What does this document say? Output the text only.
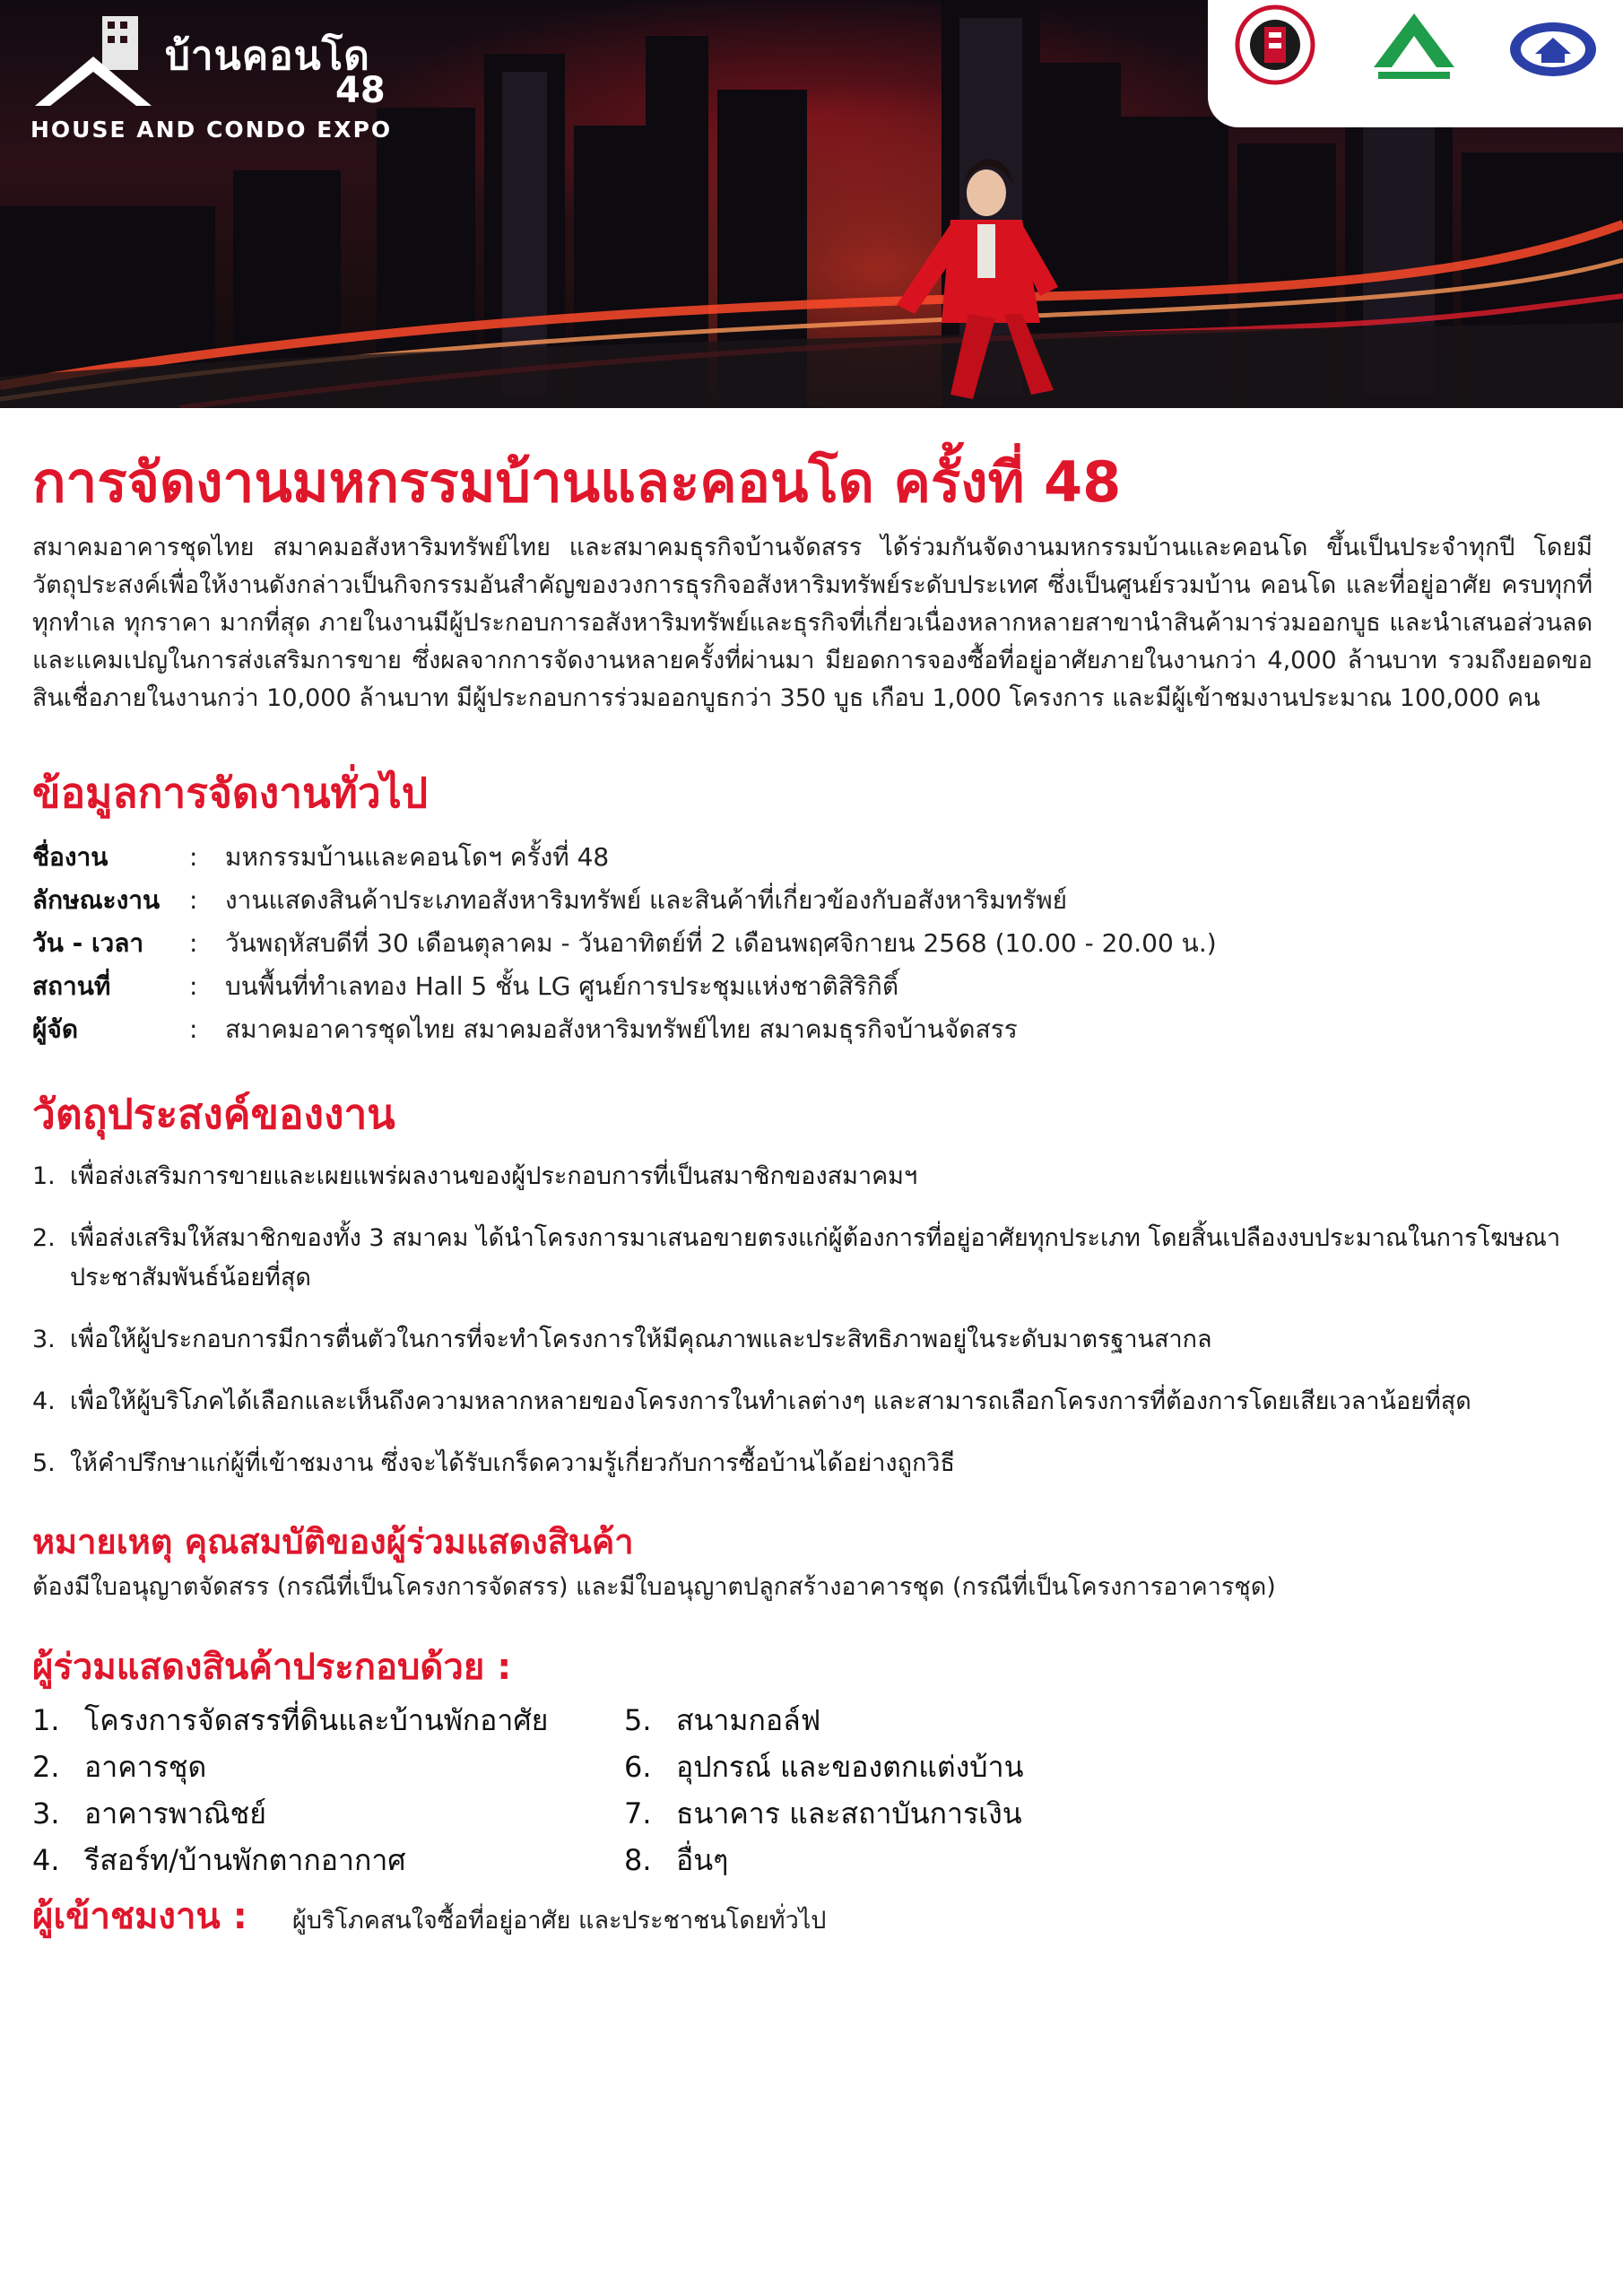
บ้านคอนโด
48
HOUSE AND CONDO EXPO
การจัดงานมหกรรมบ้านและคอนโด ครั้งที่ 48

สมาคมอาคารชุดไทย สมาคมอสังหาริมทรัพย์ไทย และสมาคมธุรกิจบ้านจัดสรร ได้ร่วมกันจัดงานมหกรรมบ้านและคอนโด ขึ้นเป็นประจำทุกปี โดยมีวัตถุประสงค์เพื่อให้งานดังกล่าวเป็นกิจกรรมอันสำคัญของวงการธุรกิจอสังหาริมทรัพย์ระดับประเทศ ซึ่งเป็นศูนย์รวมบ้าน คอนโด และที่อยู่อาศัย ครบทุกที่ ทุกทำเล ทุกราคา มากที่สุด ภายในงานมีผู้ประกอบการอสังหาริมทรัพย์และธุรกิจที่เกี่ยวเนื่องหลากหลายสาขานำสินค้ามาร่วมออกบูธ และนำเสนอส่วนลดและแคมเปญในการส่งเสริมการขาย ซึ่งผลจากการจัดงานหลายครั้งที่ผ่านมา มียอดการจองซื้อที่อยู่อาศัยภายในงานกว่า 4,000 ล้านบาท รวมถึงยอดขอสินเชื่อภายในงานกว่า 10,000 ล้านบาท มีผู้ประกอบการร่วมออกบูธกว่า 350 บูธ เกือบ 1,000 โครงการ และมีผู้เข้าชมงานประมาณ 100,000 คน

ข้อมูลการจัดงานทั่วไป
ชื่องาน	:	มหกรรมบ้านและคอนโดฯ ครั้งที่ 48
ลักษณะงาน	:	งานแสดงสินค้าประเภทอสังหาริมทรัพย์ และสินค้าที่เกี่ยวข้องกับอสังหาริมทรัพย์
วัน - เวลา	:	วันพฤหัสบดีที่ 30 เดือนตุลาคม - วันอาทิตย์ที่ 2 เดือนพฤศจิกายน 2568 (10.00 - 20.00 น.)
สถานที่	:	บนพื้นที่ทำเลทอง Hall 5 ชั้น LG ศูนย์การประชุมแห่งชาติสิริกิติ์
ผู้จัด	:	สมาคมอาคารชุดไทย สมาคมอสังหาริมทรัพย์ไทย สมาคมธุรกิจบ้านจัดสรร
วัตถุประสงค์ของงาน
1. เพื่อส่งเสริมการขายและเผยแพร่ผลงานของผู้ประกอบการที่เป็นสมาชิกของสมาคมฯ
2. เพื่อส่งเสริมให้สมาชิกของทั้ง 3 สมาคม ได้นำโครงการมาเสนอขายตรงแก่ผู้ต้องการที่อยู่อาศัยทุกประเภท โดยสิ้นเปลืองงบประมาณในการโฆษณาประชาสัมพันธ์น้อยที่สุด
3. เพื่อให้ผู้ประกอบการมีการตื่นตัวในการที่จะทำโครงการให้มีคุณภาพและประสิทธิภาพอยู่ในระดับมาตรฐานสากล
4. เพื่อให้ผู้บริโภคได้เลือกและเห็นถึงความหลากหลายของโครงการในทำเลต่างๆ และสามารถเลือกโครงการที่ต้องการโดยเสียเวลาน้อยที่สุด
5. ให้คำปรึกษาแก่ผู้ที่เข้าชมงาน ซึ่งจะได้รับเกร็ดความรู้เกี่ยวกับการซื้อบ้านได้อย่างถูกวิธี
หมายเหตุ คุณสมบัติของผู้ร่วมแสดงสินค้า
ต้องมีใบอนุญาตจัดสรร (กรณีที่เป็นโครงการจัดสรร) และมีใบอนุญาตปลูกสร้างอาคารชุด (กรณีที่เป็นโครงการอาคารชุด)
ผู้ร่วมแสดงสินค้าประกอบด้วย :
1. โครงการจัดสรรที่ดินและบ้านพักอาศัย
2. อาคารชุด
3. อาคารพาณิชย์
4. รีสอร์ท/บ้านพักตากอากาศ
5. สนามกอล์ฟ
6. อุปกรณ์ และของตกแต่งบ้าน
7. ธนาคาร และสถาบันการเงิน
8. อื่นๆ
ผู้เข้าชมงาน :	ผู้บริโภคสนใจซื้อที่อยู่อาศัย และประชาชนโดยทั่วไป
